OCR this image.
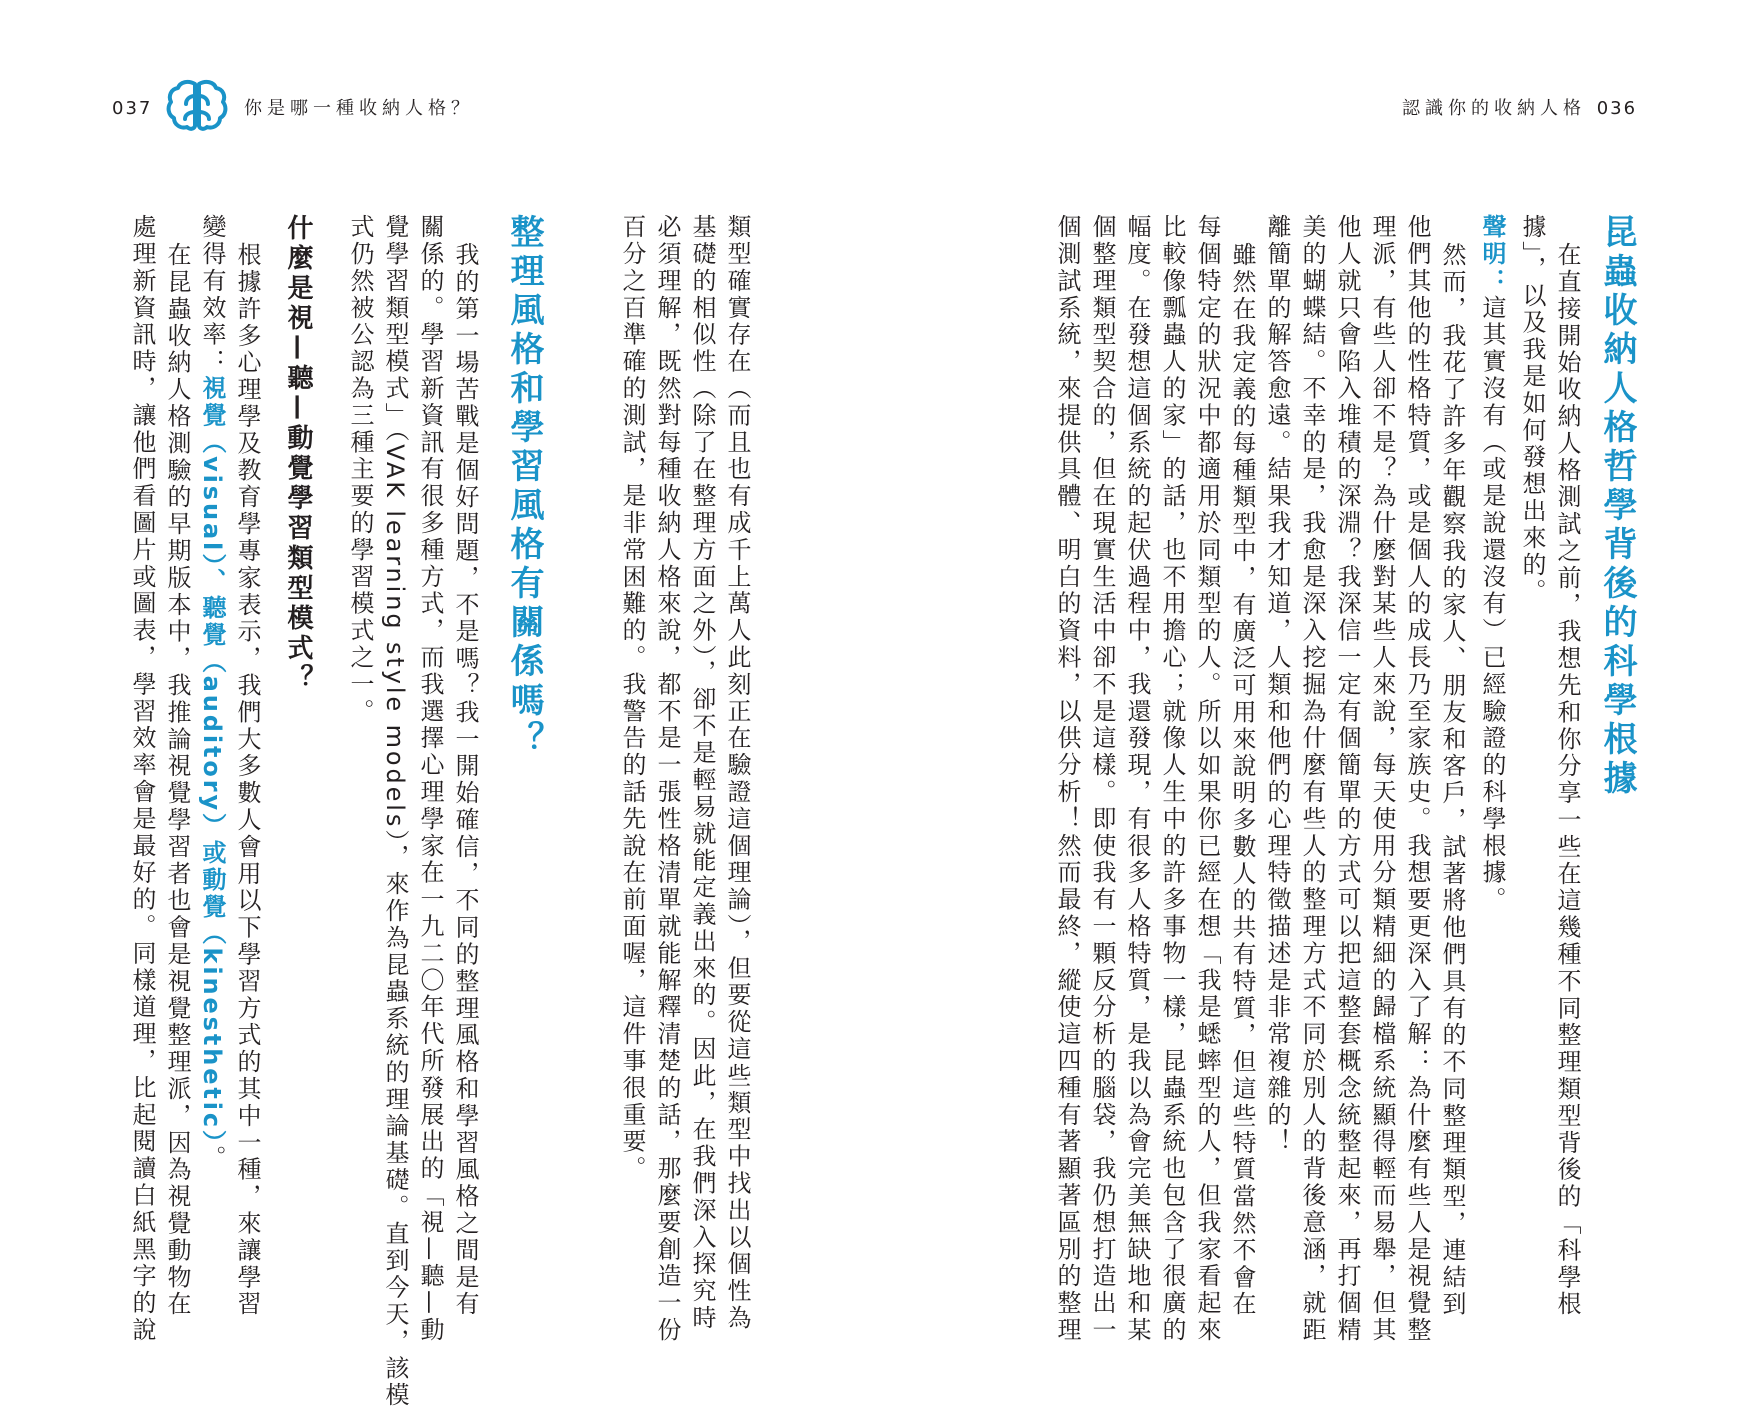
037	你是哪一種收納人格？	認識你的收納人格 036
昆蟲收納人格哲學背後的科學根據
在直接開始收納人格測試之前，我想先和你分享一些在這幾種不同整理類型背後的「科學根
據」，以及我是如何發想出來的。
聲明：這其實沒有（或是說還沒有）已經驗證的科學根據。
然而，我花了許多年觀察我的家人、朋友和客戶，試著將他們具有的不同整理類型，連結到
他們其他的性格特質，或是個人的成長乃至家族史。我想要更深入了解：為什麼有些人是視覺整
理派，有些人卻不是？為什麼對某些人來說，每天使用分類精細的歸檔系統顯得輕而易舉，但其
他人就只會陷入堆積的深淵？我深信一定有個簡單的方式可以把這整套概念統整起來，再打個精
美的蝴蝶結。不幸的是，我愈是深入挖掘為什麼有些人的整理方式不同於別人的背後意涵，就距
離簡單的解答愈遠。結果我才知道，人類和他們的心理特徵描述是非常複雜的！
雖然在我定義的每種類型中，有廣泛可用來說明多數人的共有特質，但這些特質當然不會在
每個特定的狀況中都適用於同類型的人。所以如果你已經在想「我是蟋蟀型的人，但我家看起來
比較像瓢蟲人的家」的話，也不用擔心；就像人生中的許多事物一樣，昆蟲系統也包含了很廣的
幅度。在發想這個系統的起伏過程中，我還發現，有很多人格特質，是我以為會完美無缺地和某
個整理類型契合的，但在現實生活中卻不是這樣。即使我有一顆反分析的腦袋，我仍想打造出一
個測試系統，來提供具體、明白的資料，以供分析！然而最終，縱使這四種有著顯著區別的整理
類型確實存在（而且也有成千上萬人此刻正在驗證這個理論），但要從這些類型中找出以個性為
基礎的相似性（除了在整理方面之外），卻不是輕易就能定義出來的。因此，在我們深入探究時
必須理解，既然對每種收納人格來說，都不是一張性格清單就能解釋清楚的話，那麼要創造一份
百分之百準確的測試，是非常困難的。我警告的話先說在前面喔，這件事很重要。
整理風格和學習風格有關係嗎？
我的第一場苦戰是個好問題，不是嗎？我一開始確信，不同的整理風格和學習風格之間是有
關係的。學習新資訊有很多種方式，而我選擇心理學家在一九二〇年代所發展出的「視—聽—動
覺學習類型模式」（VAK learning style models），來作為昆蟲系統的理論基礎。直到今天，該模
式仍然被公認為三種主要的學習模式之一。
什麼是視—聽—動覺學習類型模式？
根據許多心理學及教育學專家表示，我們大多數人會用以下學習方式的其中一種，來讓學習
變得有效率：視覺（visual）、聽覺（auditory）或動覺（kinesthetic）。
在昆蟲收納人格測驗的早期版本中，我推論視覺學習者也會是視覺整理派，因為視覺動物在
處理新資訊時，讓他們看圖片或圖表，學習效率會是最好的。同樣道理，比起閱讀白紙黑字的說
